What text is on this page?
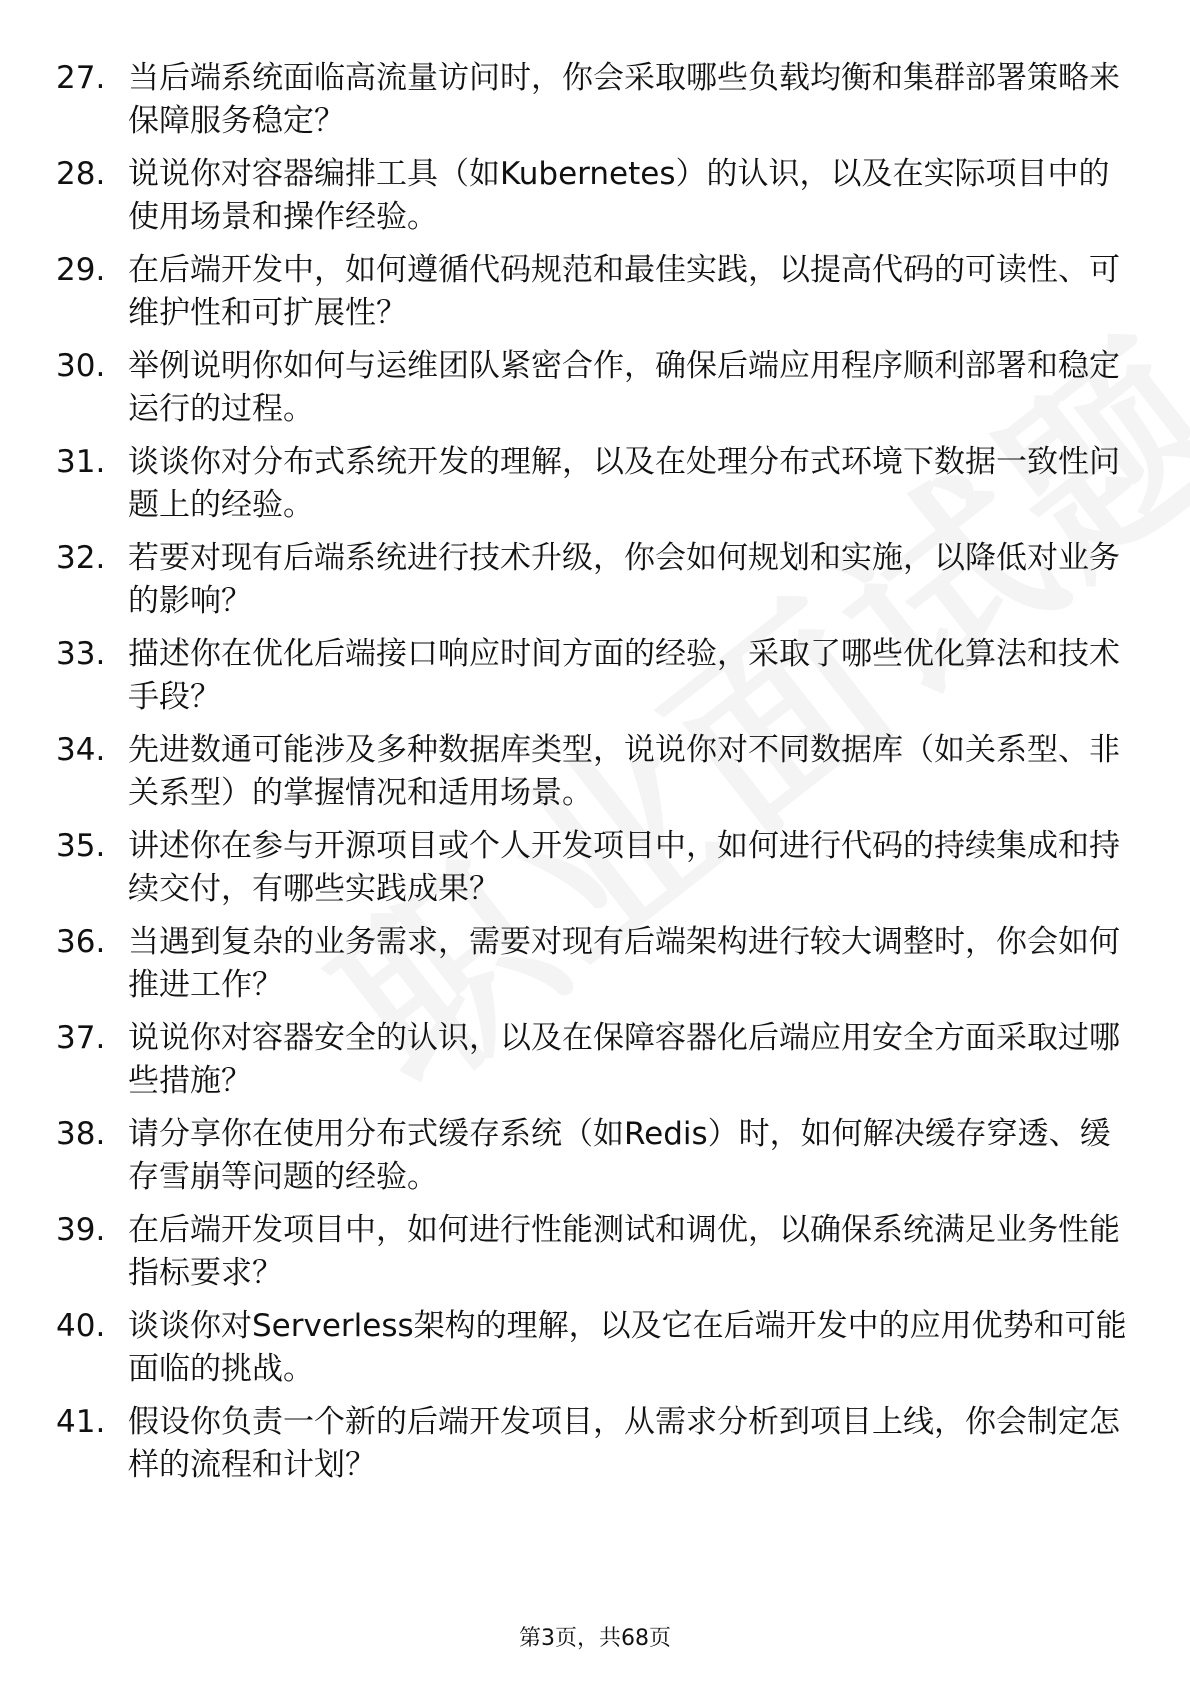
27. 当后端系统面临高流量访问时，你会采取哪些负载均衡和集群部署策略来保障服务稳定？
28. 说说你对容器编排工具（如Kubernetes）的认识，以及在实际项目中的使用场景和操作经验。
29. 在后端开发中，如何遵循代码规范和最佳实践，以提高代码的可读性、可维护性和可扩展性？
30. 举例说明你如何与运维团队紧密合作，确保后端应用程序顺利部署和稳定运行的过程。
31. 谈谈你对分布式系统开发的理解，以及在处理分布式环境下数据一致性问题上的经验。
32. 若要对现有后端系统进行技术升级，你会如何规划和实施，以降低对业务的影响？
33. 描述你在优化后端接口响应时间方面的经验，采取了哪些优化算法和技术手段？
34. 先进数通可能涉及多种数据库类型，说说你对不同数据库（如关系型、非关系型）的掌握情况和适用场景。
35. 讲述你在参与开源项目或个人开发项目中，如何进行代码的持续集成和持续交付，有哪些实践成果？
36. 当遇到复杂的业务需求，需要对现有后端架构进行较大调整时，你会如何推进工作？
37. 说说你对容器安全的认识，以及在保障容器化后端应用安全方面采取过哪些措施？
38. 请分享你在使用分布式缓存系统（如Redis）时，如何解决缓存穿透、缓存雪崩等问题的经验。
39. 在后端开发项目中，如何进行性能测试和调优，以确保系统满足业务性能指标要求？
40. 谈谈你对Serverless架构的理解，以及它在后端开发中的应用优势和可能面临的挑战。
41. 假设你负责一个新的后端开发项目，从需求分析到项目上线，你会制定怎样的流程和计划？
第3页，共68页
